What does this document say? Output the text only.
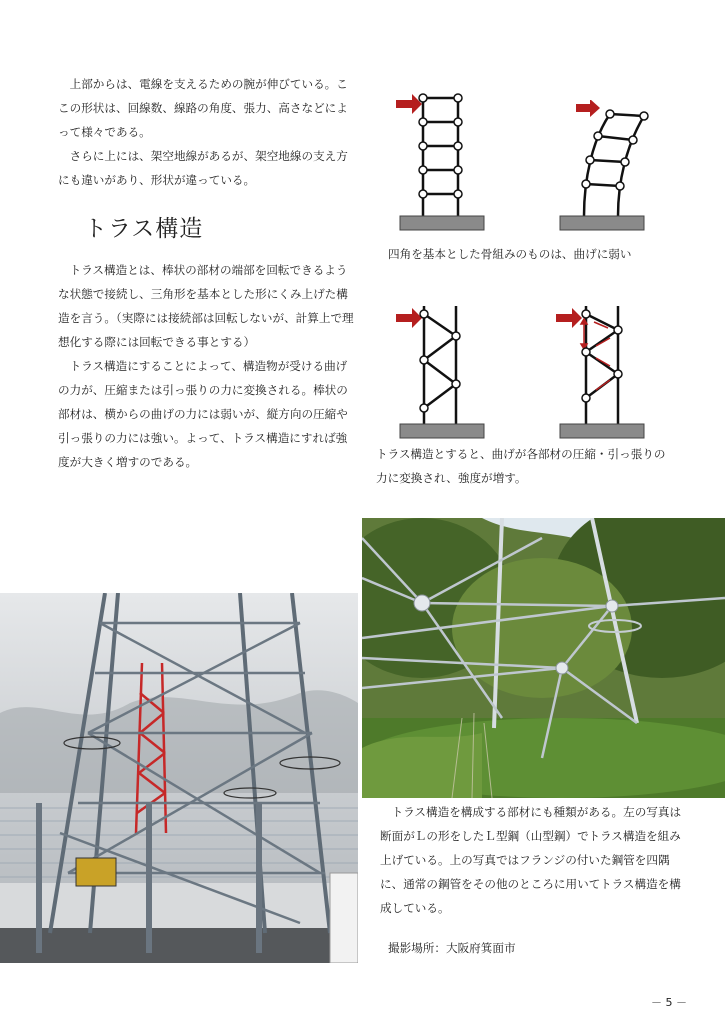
上部からは、電線を支えるための腕が伸びている。ここの形状は、回線数、線路の角度、張力、高さなどによって様々である。

さらに上には、架空地線があるが、架空地線の支え方にも違いがあり、形状が違っている。

トラス構造

トラス構造とは、棒状の部材の端部を回転できるような状態で接続し、三角形を基本とした形にくみ上げた構造を言う。（実際には接続部は回転しないが、計算上で理想化する際には回転できる事とする）

トラス構造にすることによって、構造物が受ける曲げの力が、圧縮または引っ張りの力に変換される。棒状の部材は、横からの曲げの力には弱いが、縦方向の圧縮や引っ張りの力には強い。よって、トラス構造にすれば強度が大きく増すのである。

四角を基本とした骨組みのものは、曲げに弱い

トラス構造とすると、曲げが各部材の圧縮・引っ張りの力に変換され、強度が増す。

トラス構造を構成する部材にも種類がある。左の写真は断面がＬの形をしたＬ型鋼（山型鋼）でトラス構造を組み上げている。上の写真ではフランジの付いた鋼管を四隅に、通常の鋼管をその他のところに用いてトラス構造を構成している。

撮影場所：大阪府箕面市

－ 5 －
